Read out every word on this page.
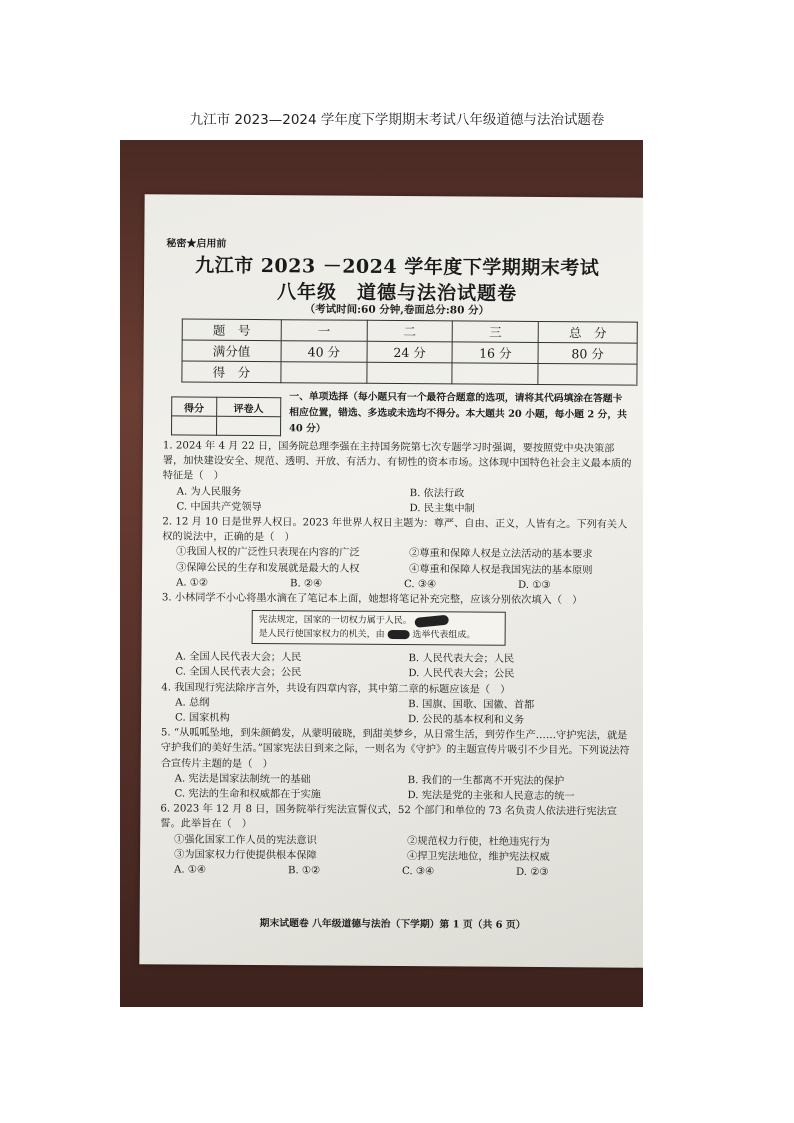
九江市 2023—2024 学年度下学期期末考试八年级道德与法治试题卷
秘密★启用前
九江市 2023 －2024 学年度下学期期末考试
八年级　道德与法治试题卷
（考试时间:60 分钟,卷面总分:80 分）
题　号	一	二	三	总　分
满分值	40 分	24 分	16 分	80 分
得　分				
得分	评卷人

一、单项选择（每小题只有一个最符合题意的选项，请将其代码填涂在答题卡相应位置，错选、多选或未选均不得分。本大题共 20 小题，每小题 2 分，共 40 分）
1. 2024 年 4 月 22 日，国务院总理李强在主持国务院第七次专题学习时强调，要按照党中央决策部署，加快建设安全、规范、透明、开放、有活力、有韧性的资本市场。这体现中国特色社会主义最本质的特征是（　）
A. 为人民服务	B. 依法行政
C. 中国共产党领导	D. 民主集中制
2. 12 月 10 日是世界人权日。2023 年世界人权日主题为：尊严、自由、正义，人皆有之。下列有关人权的说法中，正确的是（　）
①我国人权的广泛性只表现在内容的广泛	②尊重和保障人权是立法活动的基本要求
③保障公民的生存和发展就是最大的人权	④尊重和保障人权是我国宪法的基本原则
A. ①②	B. ②④	C. ③④	D. ①③
3. 小林同学不小心将墨水滴在了笔记本上面，她想将笔记补充完整，应该分别依次填入（　）
宪法规定，国家的一切权力属于人民。
是人民行使国家权力的机关，由	选举代表组成。
A. 全国人民代表大会；人民	B. 人民代表大会；人民
C. 全国人民代表大会；公民	D. 人民代表大会；公民
4. 我国现行宪法除序言外，共设有四章内容，其中第二章的标题应该是（　）
A. 总纲	B. 国旗、国歌、国徽、首都
C. 国家机构	D. 公民的基本权利和义务
5. “从呱呱坠地，到朱颜鹤发，从蒙明破晓，到甜美梦乡，从日常生活，到劳作生产……守护宪法，就是守护我们的美好生活。”国家宪法日到来之际，一则名为《守护》的主题宣传片吸引不少目光。下列说法符合宣传片主题的是（　）
A. 宪法是国家法制统一的基础	B. 我们的一生都离不开宪法的保护
C. 宪法的生命和权威都在于实施	D. 宪法是党的主张和人民意志的统一
6. 2023 年 12 月 8 日，国务院举行宪法宣誓仪式，52 个部门和单位的 73 名负责人依法进行宪法宣誓。此举旨在（　）
①强化国家工作人员的宪法意识	②规范权力行使，杜绝违宪行为
③为国家权力行使提供根本保障	④捍卫宪法地位，维护宪法权威
A. ①④	B. ①②	C. ③④	D. ②③
期末试题卷 八年级道德与法治（下学期）第 1 页（共 6 页）
